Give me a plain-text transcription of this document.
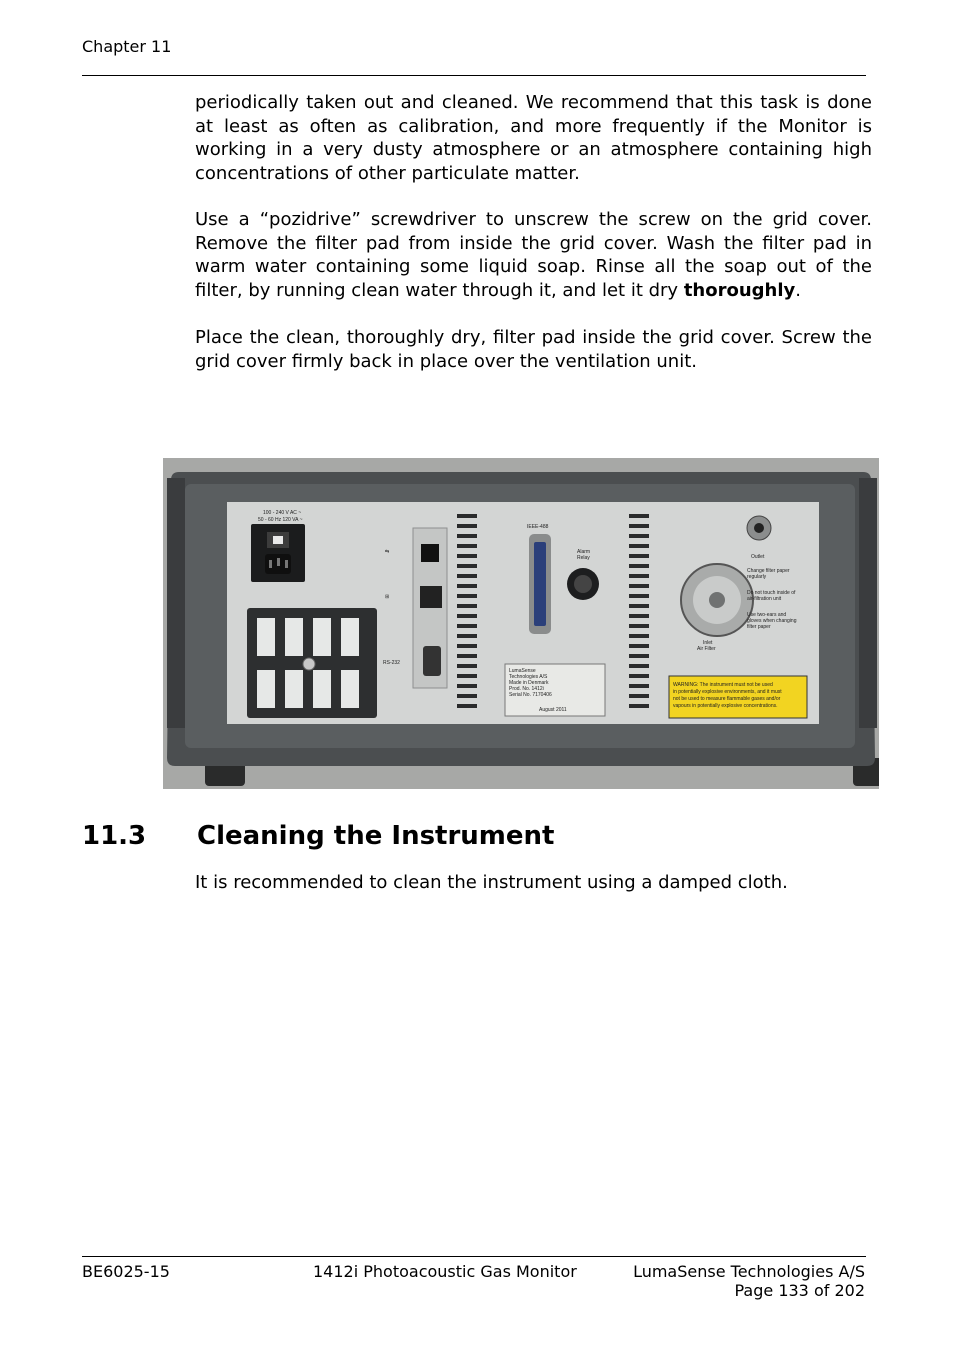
Chapter 11

periodically taken out and cleaned. We recommend that this task is done at least as often as calibration, and more frequently if the Monitor is working in a very dusty atmosphere or an atmosphere containing high concentrations of other particulate matter.

Use a “pozidrive” screwdriver to unscrew the screw on the grid cover. Remove the filter pad from inside the grid cover. Wash the filter pad in warm water containing some liquid soap. Rinse all the soap out of the filter, by running clean water through it, and let it dry thoroughly.

Place the clean, thoroughly dry, filter pad inside the grid cover. Screw the grid cover firmly back in place over the ventilation unit.

100 - 240 V AC ~
50 - 60 Hz 120 VA ~
⇆
⊞
RS-232
IEEE-488
Alarm
Relay
LumaSense
Technologies A/S
Made in Denmark
Prod. No. 1412i
Serial No. 7170406
August 2011
Outlet
Inlet
Air Filter
Change filter paper
regularly
Do not touch inside of
air-filtration unit
Use two-ears and
gloves when changing
filter paper
WARNING: The instrument must not be used
in potentially explosive environments, and it must
not be used to measure flammable gases and/or
vapours in potentially explosive concentrations.
11.3 Cleaning the Instrument

It is recommended to clean the instrument using a damped cloth.

BE6025-15	1412i Photoacoustic Gas Monitor	LumaSense Technologies A/S
Page 133 of 202
